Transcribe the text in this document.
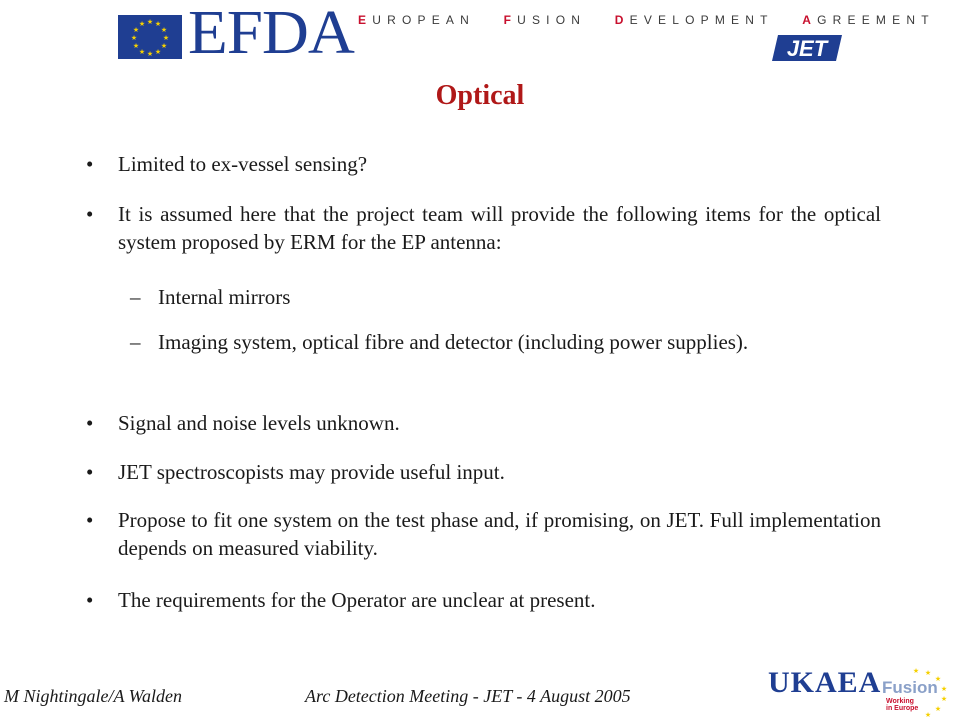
★ ★
★
★
★
★
★
★
★
★
★
★ EFDA EUROPEAN FUSION DEVELOPMENT AGREEMENT
JET
Optical
• Limited to ex-vessel sensing?
• It is assumed here that the project team will provide the following items for the optical system proposed by ERM for the EP antenna:
– Internal mirrors
– Imaging system, optical fibre and detector (including power supplies).
• Signal and noise levels unknown.
• JET spectroscopists may provide useful input.
• Propose to fit one system on the test phase and, if promising, on JET. Full implementation depends on measured viability.
• The requirements for the Operator are unclear at present.
M Nightingale/A Walden	Arc Detection Meeting - JET - 4 August 2005	UKAEA	★ ★
★
★
★
★
★
Fusion
Working
in Europe
